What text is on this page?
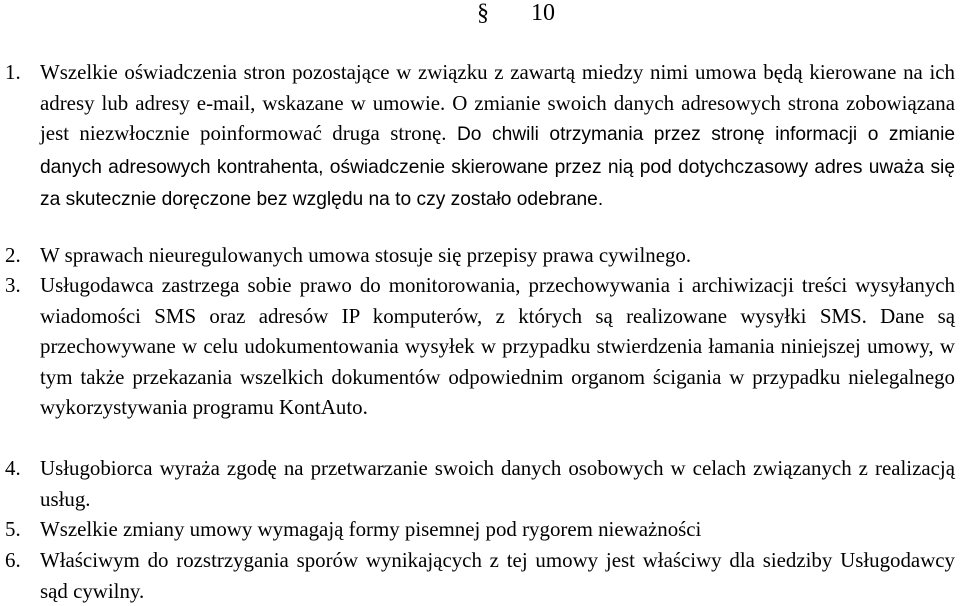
§ 10
1. Wszelkie oświadczenia stron pozostające w związku z zawartą miedzy nimi umowa będą kierowane na ich adresy lub adresy e-mail, wskazane w umowie. O zmianie swoich danych adresowych strona zobowiązana jest niezwłocznie poinformować druga stronę. Do chwili otrzymania przez stronę informacji o zmianie danych adresowych kontrahenta, oświadczenie skierowane przez nią pod dotychczasowy adres uważa się za skutecznie doręczone bez względu na to czy zostało odebrane.
2. W sprawach nieuregulowanych umowa stosuje się przepisy prawa cywilnego.
3. Usługodawca zastrzega sobie prawo do monitorowania, przechowywania i archiwizacji treści wysyłanych wiadomości SMS oraz adresów IP komputerów, z których są realizowane wysyłki SMS. Dane są przechowywane w celu udokumentowania wysyłek w przypadku stwierdzenia łamania niniejszej umowy, w tym także przekazania wszelkich dokumentów odpowiednim organom ścigania w przypadku nielegalnego wykorzystywania programu KontAuto.
4. Usługobiorca wyraża zgodę na przetwarzanie swoich danych osobowych w celach związanych z realizacją usług.
5. Wszelkie zmiany umowy wymagają formy pisemnej pod rygorem nieważności
6. Właściwym do rozstrzygania sporów wynikających z tej umowy jest właściwy dla siedziby Usługodawcy sąd cywilny.
